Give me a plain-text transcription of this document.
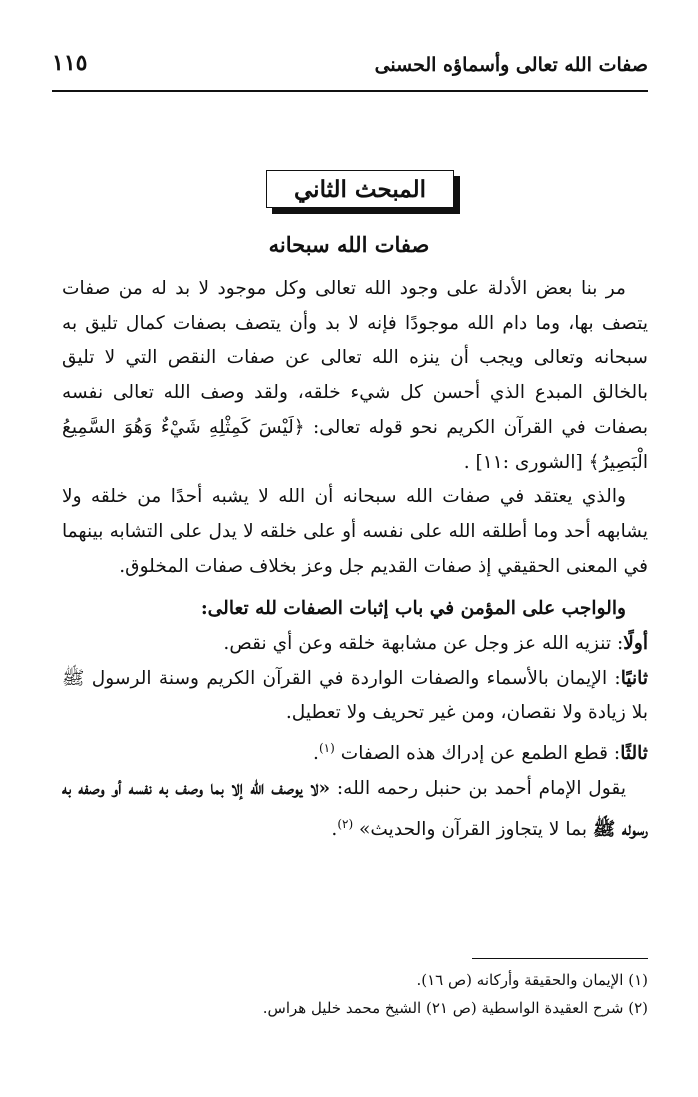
صفات الله تعالى وأسماؤه الحسنى
١١٥
المبحث الثاني
صفات الله سبحانه

مر بنا بعض الأدلة على وجود الله تعالى وكل موجود لا بد له من صفات يتصف بها، وما دام الله موجودًا فإنه لا بد وأن يتصف بصفات كمال تليق به سبحانه وتعالى ويجب أن ينزه الله تعالى عن صفات النقص التي لا تليق بالخالق المبدع الذي أحسن كل شيء خلقه، ولقد وصف الله تعالى نفسه بصفات في القرآن الكريم نحو قوله تعالى: ﴿لَيْسَ كَمِثْلِهِ شَيْءٌ وَهُوَ السَّمِيعُ الْبَصِيرُ﴾ [الشورى :١١] .

والذي يعتقد في صفات الله سبحانه أن الله لا يشبه أحدًا من خلقه ولا يشابهه أحد وما أطلقه الله على نفسه أو على خلقه لا يدل على التشابه بينهما في المعنى الحقيقي إذ صفات القديم جل وعز بخلاف صفات المخلوق.

والواجب على المؤمن في باب إثبات الصفات لله تعالى:

أولًا: تنزيه الله عز وجل عن مشابهة خلقه وعن أي نقص.

ثانيًا: الإيمان بالأسماء والصفات الواردة في القرآن الكريم وسنة الرسول ﷺ بلا زيادة ولا نقصان، ومن غير تحريف ولا تعطيل.

ثالثًا: قطع الطمع عن إدراك هذه الصفات $^{(١)}$.

يقول الإمام أحمد بن حنبل رحمه الله: «لا يوصف الله إلا بما وصف به نفسه أو وصفه به رسوله ﷺ بما لا يتجاوز القرآن والحديث» $^{(٢)}$.

(١) الإيمان والحقيقة وأركانه (ص ١٦).
(٢) شرح العقيدة الواسطية (ص ٢١) الشيخ محمد خليل هراس.
